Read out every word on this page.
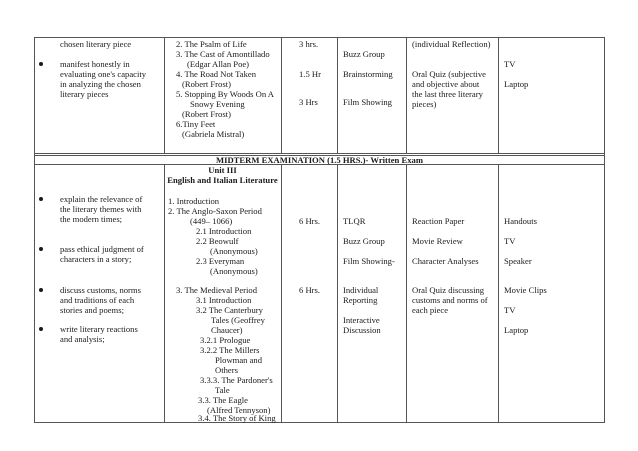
chosen literary piece
manifest honestly in
evaluating one's capacity
in analyzing the chosen
literary pieces
2. The Psalm of Life
3. The Cast of Amontillado
(Edgar Allan Poe)
4. The Road Not Taken
(Robert Frost)
5. Stopping By Woods On A
Snowy Evening
(Robert Frost)
6.Tiny Feet
(Gabriela Mistral)
3 hrs.
1.5 Hr
3 Hrs
Buzz Group
Brainstorming
Film Showing
(individual Reflection)
Oral Quiz (subjective
and objective about
the last three literary
pieces)
TV
Laptop
MIDTERM EXAMINATION (1.5 HRS.)- Written Exam
Unit III
English and Italian Literature
explain the relevance of
the literary themes with
the modern times;
pass ethical judgment of
characters in a story;
discuss customs, norms
and traditions of each
stories and poems;
write literary reactions
and analysis;
1. Introduction
2. The Anglo-Saxon Period
(449– 1066)
2.1 Introduction
2.2 Beowulf
(Anonymous)
2.3 Everyman
(Anonymous)
3. The Medieval Period
3.1 Introduction
3.2 The Canterbury
Tales (Geoffrey
Chaucer)
3.2.1 Prologue
3.2.2 The Millers
Plowman and
Others
3.3.3. The Pardoner's
Tale
3.3. The Eagle
(Alfred Tennyson)
3.4. The Story of King
6 Hrs.
6 Hrs.
TLQR
Buzz Group
Film Showing-
Individual
Reporting
Interactive
Discussion
Reaction Paper
Movie Review
Character Analyses
Oral Quiz discussing
customs and norms of
each piece
Handouts
TV
Speaker
Movie Clips
TV
Laptop
